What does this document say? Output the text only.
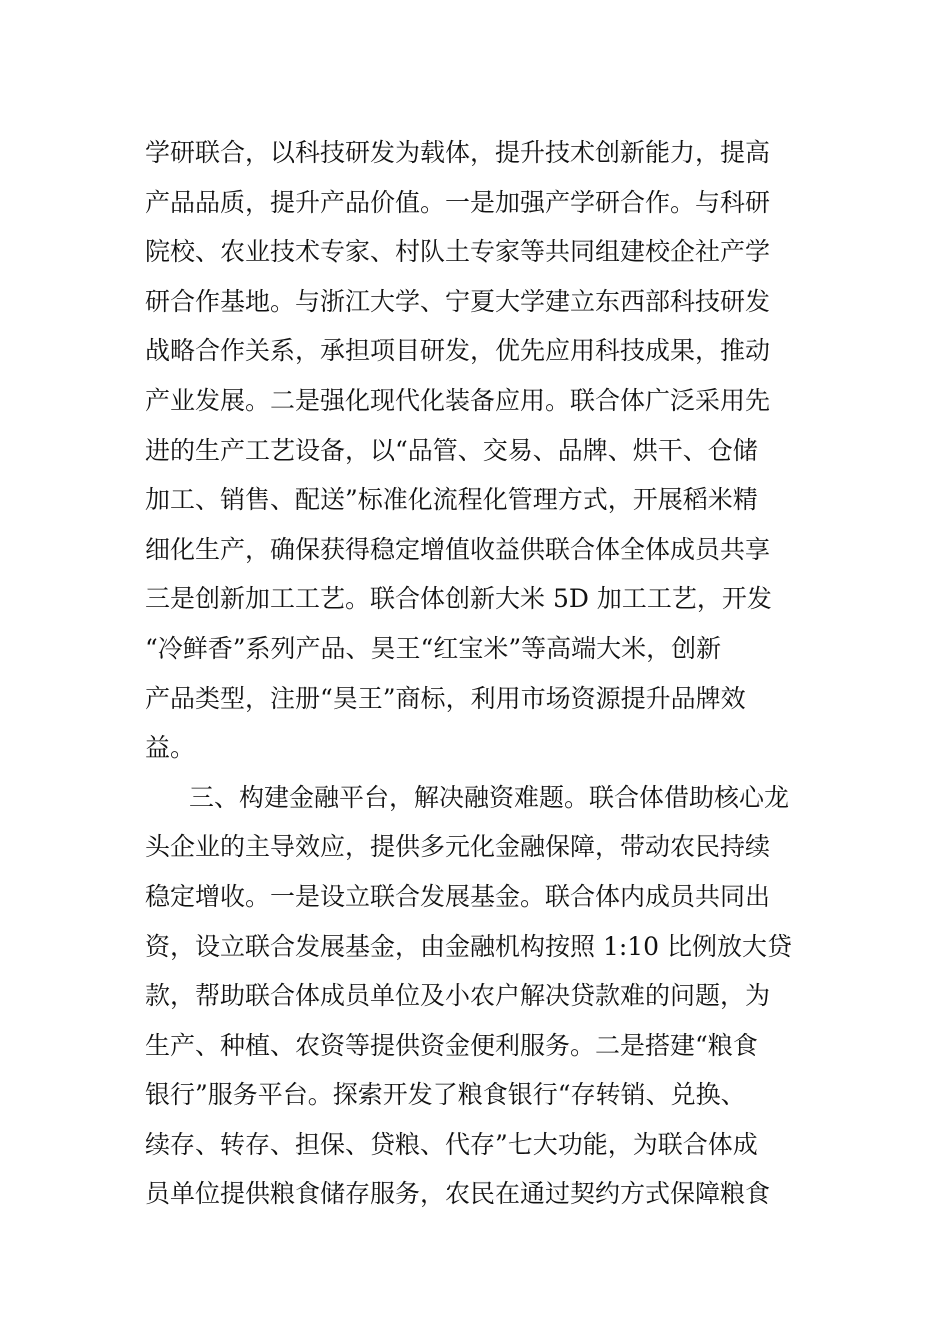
学研联合，以科技研发为载体，提升技术创新能力，提高
产品品质，提升产品价值。一是加强产学研合作。与科研
院校、农业技术专家、村队土专家等共同组建校企社产学
研合作基地。与浙江大学、宁夏大学建立东西部科技研发
战略合作关系，承担项目研发，优先应用科技成果，推动
产业发展。二是强化现代化装备应用。联合体广泛采用先
进的生产工艺设备，以“品管、交易、品牌、烘干、仓储
加工、销售、配送”标准化流程化管理方式，开展稻米精
细化生产，确保获得稳定增值收益供联合体全体成员共享
三是创新加工工艺。联合体创新大米 5D 加工工艺，开发
“冷鲜香”系列产品、昊王“红宝米”等高端大米，创新
产品类型，注册“昊王”商标，利用市场资源提升品牌效
益。
三、构建金融平台，解决融资难题。联合体借助核心龙
头企业的主导效应，提供多元化金融保障，带动农民持续
稳定增收。一是设立联合发展基金。联合体内成员共同出
资，设立联合发展基金，由金融机构按照 1:10 比例放大贷
款，帮助联合体成员单位及小农户解决贷款难的问题，为
生产、种植、农资等提供资金便利服务。二是搭建“粮食
银行”服务平台。探索开发了粮食银行“存转销、兑换、
续存、转存、担保、贷粮、代存”七大功能，为联合体成
员单位提供粮食储存服务，农民在通过契约方式保障粮食
